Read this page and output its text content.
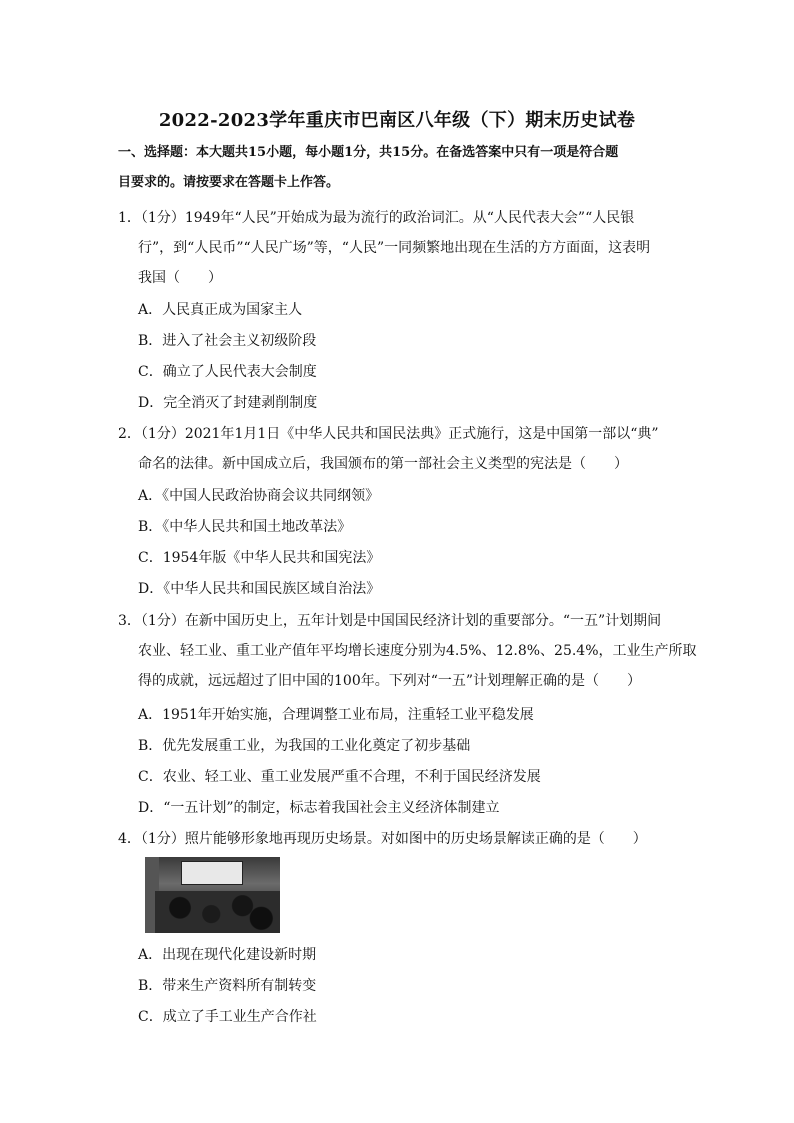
2022-2023学年重庆市巴南区八年级（下）期末历史试卷
一、选择题：本大题共15小题，每小题1分，共15分。在备选答案中只有一项是符合题
目要求的。请按要求在答题卡上作答。
1．（1分）1949年“人民”开始成为最为流行的政治词汇。从“人民代表大会”“人民银
行”，到“人民币”“人民广场”等，“人民”一同频繁地出现在生活的方方面面，这表明
我国（　　）
A．人民真正成为国家主人
B．进入了社会主义初级阶段
C．确立了人民代表大会制度
D．完全消灭了封建剥削制度
2．（1分）2021年1月1日《中华人民共和国民法典》正式施行，这是中国第一部以“典”
命名的法律。新中国成立后，我国颁布的第一部社会主义类型的宪法是（　　）
A．《中国人民政治协商会议共同纲领》
B．《中华人民共和国土地改革法》
C．1954年版《中华人民共和国宪法》
D．《中华人民共和国民族区域自治法》
3．（1分）在新中国历史上，五年计划是中国国民经济计划的重要部分。“一五”计划期间
农业、轻工业、重工业产值年平均增长速度分别为4.5%、12.8%、25.4%，工业生产所取
得的成就，远远超过了旧中国的100年。下列对“一五”计划理解正确的是（　　）
A．1951年开始实施，合理调整工业布局，注重轻工业平稳发展
B．优先发展重工业，为我国的工业化奠定了初步基础
C．农业、轻工业、重工业发展严重不合理，不利于国民经济发展
D．“一五计划”的制定，标志着我国社会主义经济体制建立
4．（1分）照片能够形象地再现历史场景。对如图中的历史场景解读正确的是（　　）
A．出现在现代化建设新时期
B．带来生产资料所有制转变
C．成立了手工业生产合作社
